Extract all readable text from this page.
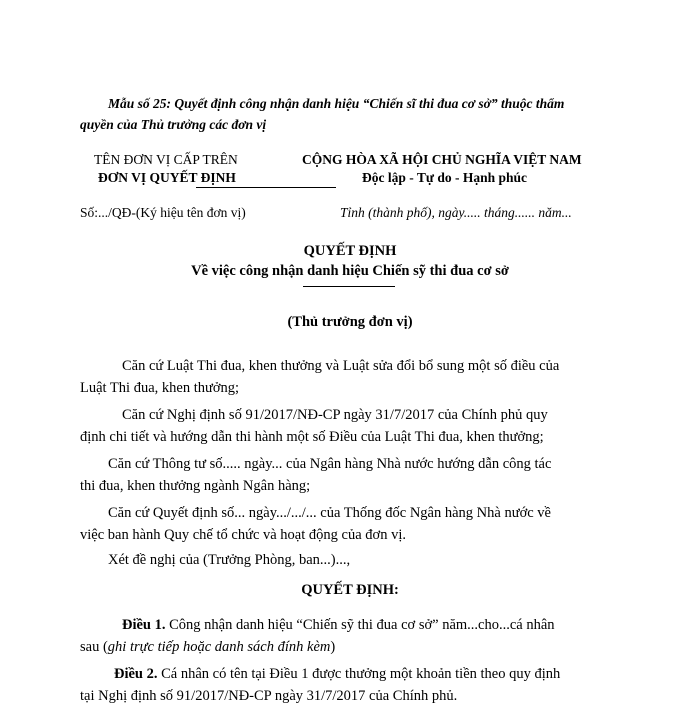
Mẫu số 25: Quyết định công nhận danh hiệu “Chiến sĩ thi đua cơ sở” thuộc thẩm
quyền của Thủ trưởng các đơn vị
TÊN ĐƠN VỊ CẤP TRÊN
ĐƠN VỊ QUYẾT ĐỊNH
CỘNG HÒA XÃ HỘI CHỦ NGHĨA VIỆT NAM
Độc lập - Tự do - Hạnh phúc
Số:.../QĐ-(Ký hiệu tên đơn vị)	Tỉnh (thành phố), ngày..... tháng...... năm...
QUYẾT ĐỊNH
Về việc công nhận danh hiệu Chiến sỹ thi đua cơ sở
(Thủ trưởng đơn vị)
Căn cứ Luật Thi đua, khen thưởng và Luật sửa đổi bổ sung một số điều của
Luật Thi đua, khen thưởng;
Căn cứ Nghị định số 91/2017/NĐ-CP ngày 31/7/2017 của Chính phủ quy
định chi tiết và hướng dẫn thi hành một số Điều của Luật Thi đua, khen thưởng;
Căn cứ Thông tư số..... ngày... của Ngân hàng Nhà nước hướng dẫn công tác
thi đua, khen thưởng ngành Ngân hàng;
Căn cứ Quyết định số... ngày.../.../... của Thống đốc Ngân hàng Nhà nước về
việc ban hành Quy chế tổ chức và hoạt động của đơn vị.
Xét đề nghị của (Trưởng Phòng, ban...)...,
QUYẾT ĐỊNH:
Điều 1. Công nhận danh hiệu “Chiến sỹ thi đua cơ sở” năm...cho...cá nhân
sau (ghi trực tiếp hoặc danh sách đính kèm)
Điều 2. Cá nhân có tên tại Điều 1 được thưởng một khoản tiền theo quy định
tại Nghị định số 91/2017/NĐ-CP ngày 31/7/2017 của Chính phủ.
